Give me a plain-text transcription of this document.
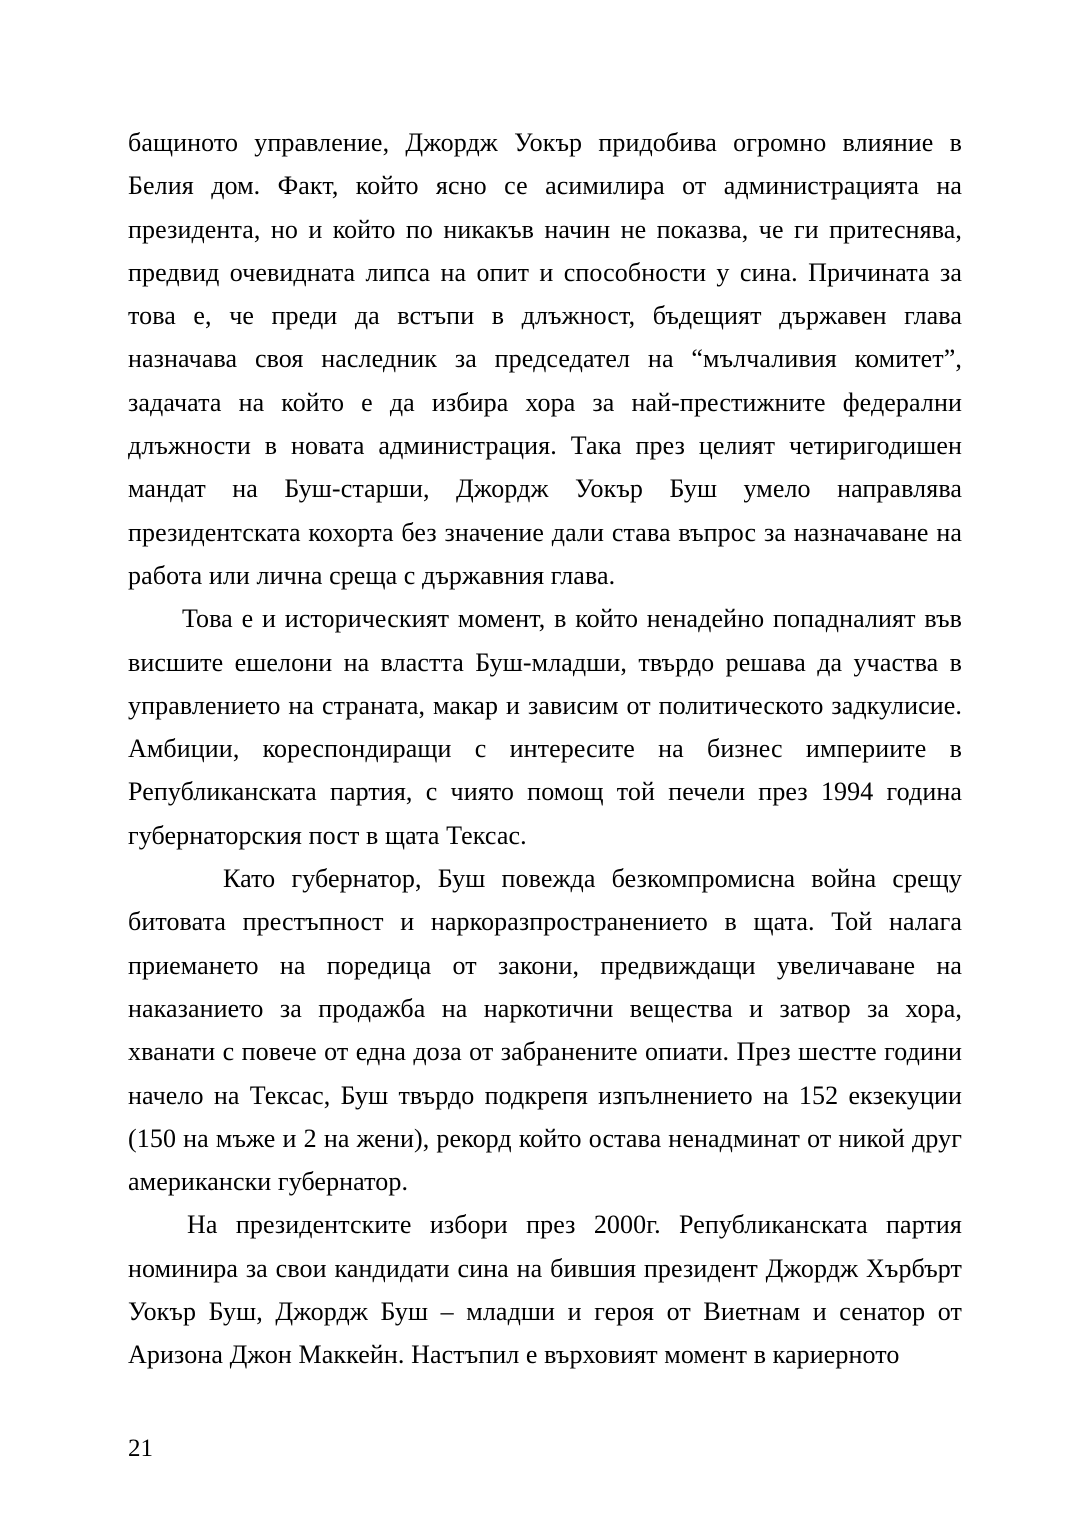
бащиното управление, Джордж Уокър придобива огромно влияние в Белия дом. Факт, който ясно се асимилира от администрацията на президента, но и който по никакъв начин не показва, че ги притеснява, предвид очевидната липса на опит и способности у сина. Причината за това е, че преди да встъпи в длъжност, бъдещият държавен глава назначава своя наследник за председател на “мълчаливия комитет”, задачата на който е да избира хора за най-престижните федерални длъжности в новата администрация. Така през целият четиригодишен мандат на Буш-старши, Джордж Уокър Буш умело направлява президентската кохорта без значение дали става въпрос за назначаване на работа или лична среща с държавния глава.

Това е и историческият момент, в който ненадейно попадналият във висшите ешелони на властта Буш-младши, твърдо решава да участва в управлението на страната, макар и зависим от политическото задкулисие. Амбиции, кореспондиращи с интересите на бизнес империите в Републиканската партия, с чиято помощ той печели през 1994 година губернаторския пост в щата Тексас.

Като губернатор, Буш повежда безкомпромисна война срещу битовата престъпност и наркоразпространението в щата. Той налага приемането на поредица от закони, предвиждащи увеличаване на наказанието за продажба на наркотични вещества и затвор за хора, хванати с повече от една доза от забранените опиати. През шестте години начело на Тексас, Буш твърдо подкрепя изпълнението на 152 екзекуции (150 на мъже и 2 на жени), рекорд който остава ненадминат от никой друг американски губернатор.

На президентските избори през 2000г. Републиканската партия номинира за свои кандидати сина на бившия президент Джордж Хърбърт Уокър Буш, Джордж Буш – младши и героя от Виетнам и сенатор от Аризона Джон Маккейн. Настъпил е върховият момент в кариерното

21
